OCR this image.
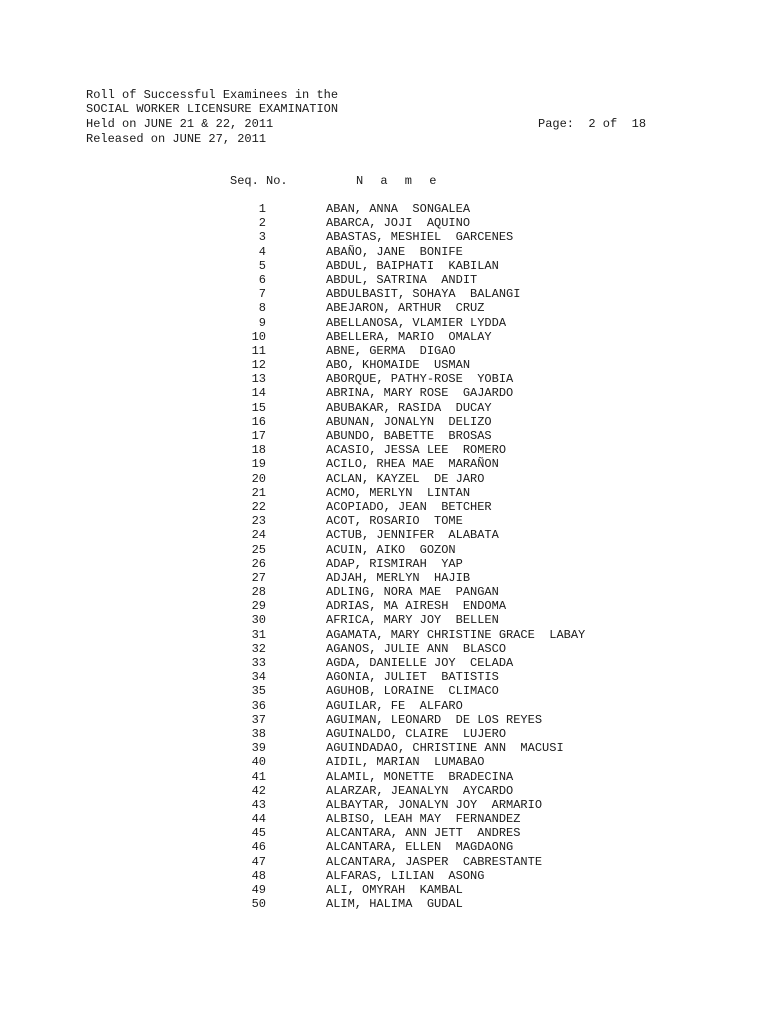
Roll of Successful Examinees in the
SOCIAL WORKER LICENSURE EXAMINATION
Held on JUNE 21 & 22, 2011	Page:  2 of  18
Released on JUNE 27, 2011
Seq. No.	N a m e
1	ABAN, ANNA  SONGALEA
2	ABARCA, JOJI  AQUINO
3	ABASTAS, MESHIEL  GARCENES
4	ABAÑO, JANE  BONIFE
5	ABDUL, BAIPHATI  KABILAN
6	ABDUL, SATRINA  ANDIT
7	ABDULBASIT, SOHAYA  BALANGI
8	ABEJARON, ARTHUR  CRUZ
9	ABELLANOSA, VLAMIER LYDDA
10	ABELLERA, MARIO  OMALAY
11	ABNE, GERMA  DIGAO
12	ABO, KHOMAIDE  USMAN
13	ABORQUE, PATHY-ROSE  YOBIA
14	ABRINA, MARY ROSE  GAJARDO
15	ABUBAKAR, RASIDA  DUCAY
16	ABUNAN, JONALYN  DELIZO
17	ABUNDO, BABETTE  BROSAS
18	ACASIO, JESSA LEE  ROMERO
19	ACILO, RHEA MAE  MARAÑON
20	ACLAN, KAYZEL  DE JARO
21	ACMO, MERLYN  LINTAN
22	ACOPIADO, JEAN  BETCHER
23	ACOT, ROSARIO  TOME
24	ACTUB, JENNIFER  ALABATA
25	ACUIN, AIKO  GOZON
26	ADAP, RISMIRAH  YAP
27	ADJAH, MERLYN  HAJIB
28	ADLING, NORA MAE  PANGAN
29	ADRIAS, MA AIRESH  ENDOMA
30	AFRICA, MARY JOY  BELLEN
31	AGAMATA, MARY CHRISTINE GRACE  LABAY
32	AGANOS, JULIE ANN  BLASCO
33	AGDA, DANIELLE JOY  CELADA
34	AGONIA, JULIET  BATISTIS
35	AGUHOB, LORAINE  CLIMACO
36	AGUILAR, FE  ALFARO
37	AGUIMAN, LEONARD  DE LOS REYES
38	AGUINALDO, CLAIRE  LUJERO
39	AGUINDADAO, CHRISTINE ANN  MACUSI
40	AIDIL, MARIAN  LUMABAO
41	ALAMIL, MONETTE  BRADECINA
42	ALARZAR, JEANALYN  AYCARDO
43	ALBAYTAR, JONALYN JOY  ARMARIO
44	ALBISO, LEAH MAY  FERNANDEZ
45	ALCANTARA, ANN JETT  ANDRES
46	ALCANTARA, ELLEN  MAGDAONG
47	ALCANTARA, JASPER  CABRESTANTE
48	ALFARAS, LILIAN  ASONG
49	ALI, OMYRAH  KAMBAL
50	ALIM, HALIMA  GUDAL
